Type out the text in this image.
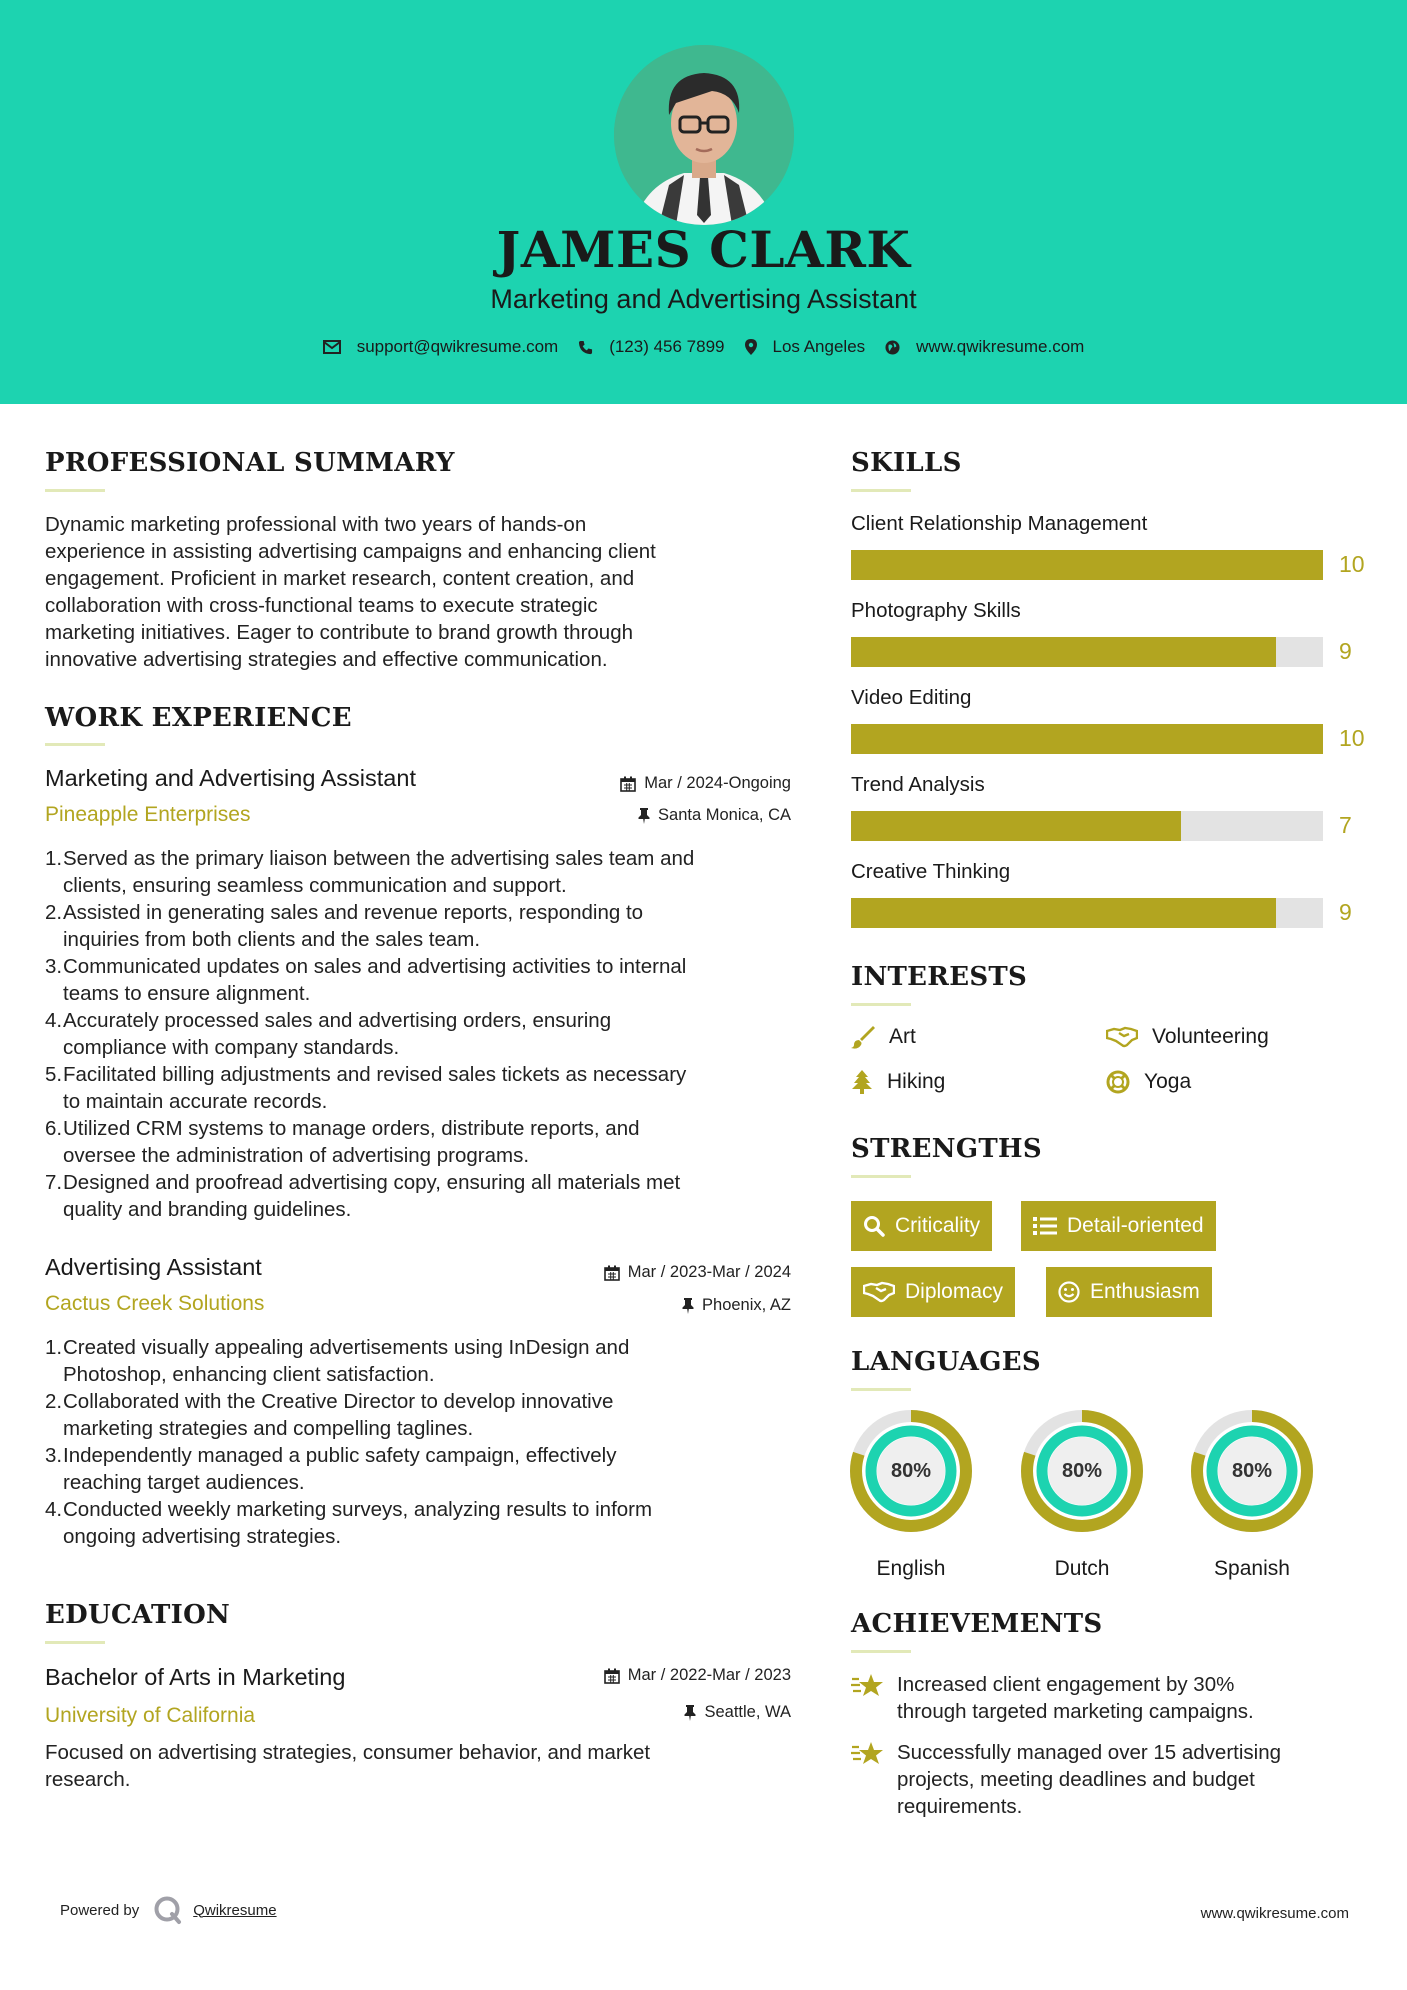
JAMES CLARK
Marketing and Advertising Assistant
support@qwikresume.com	(123) 456 7899	Los Angeles	www.qwikresume.com
PROFESSIONAL SUMMARY
Dynamic marketing professional with two years of hands-on
experience in assisting advertising campaigns and enhancing client
engagement. Proficient in market research, content creation, and
collaboration with cross-functional teams to execute strategic
marketing initiatives. Eager to contribute to brand growth through
innovative advertising strategies and effective communication.
WORK EXPERIENCE
Marketing and Advertising Assistant	Mar / 2024-Ongoing
Pineapple Enterprises	Santa Monica, CA
1. Served as the primary liaison between the advertising sales team and
clients, ensuring seamless communication and support.
2. Assisted in generating sales and revenue reports, responding to
inquiries from both clients and the sales team.
3. Communicated updates on sales and advertising activities to internal
teams to ensure alignment.
4. Accurately processed sales and advertising orders, ensuring
compliance with company standards.
5. Facilitated billing adjustments and revised sales tickets as necessary
to maintain accurate records.
6. Utilized CRM systems to manage orders, distribute reports, and
oversee the administration of advertising programs.
7. Designed and proofread advertising copy, ensuring all materials met
quality and branding guidelines.
Advertising Assistant	Mar / 2023-Mar / 2024
Cactus Creek Solutions	Phoenix, AZ
1. Created visually appealing advertisements using InDesign and
Photoshop, enhancing client satisfaction.
2. Collaborated with the Creative Director to develop innovative
marketing strategies and compelling taglines.
3. Independently managed a public safety campaign, effectively
reaching target audiences.
4. Conducted weekly marketing surveys, analyzing results to inform
ongoing advertising strategies.
EDUCATION
Bachelor of Arts in Marketing	Mar / 2022-Mar / 2023
University of California	Seattle, WA
Focused on advertising strategies, consumer behavior, and market
research.
SKILLS
Client Relationship Management
10
Photography Skills
9
Video Editing
10
Trend Analysis
7
Creative Thinking
9
INTERESTS
Art	Volunteering
Hiking	Yoga
STRENGTHS
Criticality	Detail-oriented
Diplomacy	Enthusiasm
LANGUAGES
80%
English
80%
Dutch
80%
Spanish
ACHIEVEMENTS
Increased client engagement by 30%
through targeted marketing campaigns.
Successfully managed over 15 advertising
projects, meeting deadlines and budget
requirements.
Powered by	Qwikresume	www.qwikresume.com
